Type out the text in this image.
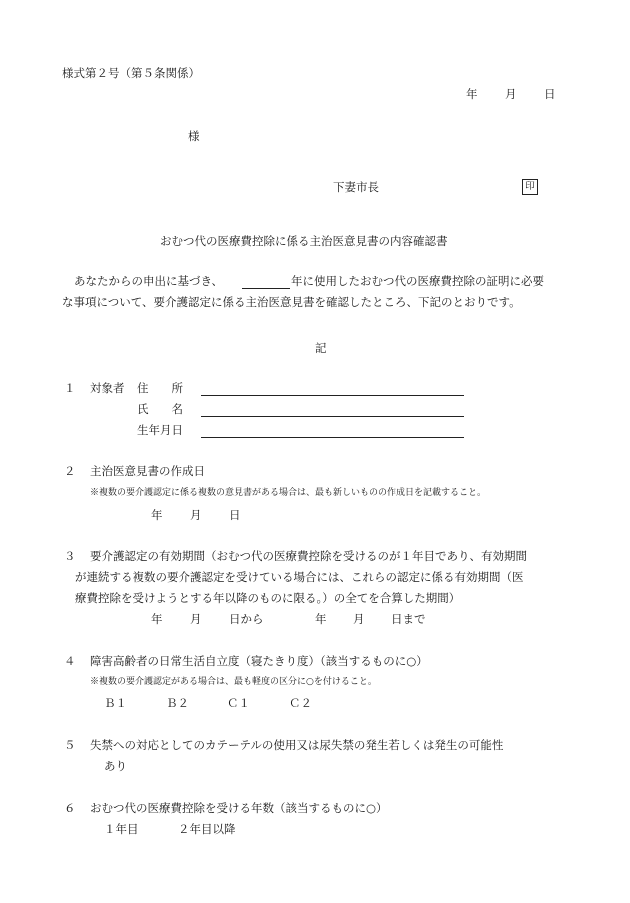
様式第２号（第５条関係）
年 月 日
様
下妻市長	印
おむつ代の医療費控除に係る主治医意見書の内容確認書
あなたからの申出に基づき、	年に使用したおむつ代の医療費控除の証明に必要
な事項について、要介護認定に係る主治医意見書を確認したところ、下記のとおりです。
記
１ 対象者 住　　所
氏　　名
生年月日
２ 主治医意見書の作成日
※複数の要介護認定に係る複数の意見書がある場合は、最も新しいものの作成日を記載すること。
年 月 日
３ 要介護認定の有効期間（おむつ代の医療費控除を受けるのが１年目であり、有効期間
が連続する複数の要介護認定を受けている場合には、これらの認定に係る有効期間（医
療費控除を受けようとする年以降のものに限る。）の全てを合算した期間）
年 月 日から	年 月 日まで
４ 障害高齢者の日常生活自立度（寝たきり度）（該当するものに○）
※複数の要介護認定がある場合は、最も軽度の区分に○を付けること。
Ｂ１	Ｂ２	Ｃ１	Ｃ２
５ 失禁への対応としてのカテーテルの使用又は尿失禁の発生若しくは発生の可能性
あり
６ おむつ代の医療費控除を受ける年数（該当するものに○）
１年目	２年目以降
